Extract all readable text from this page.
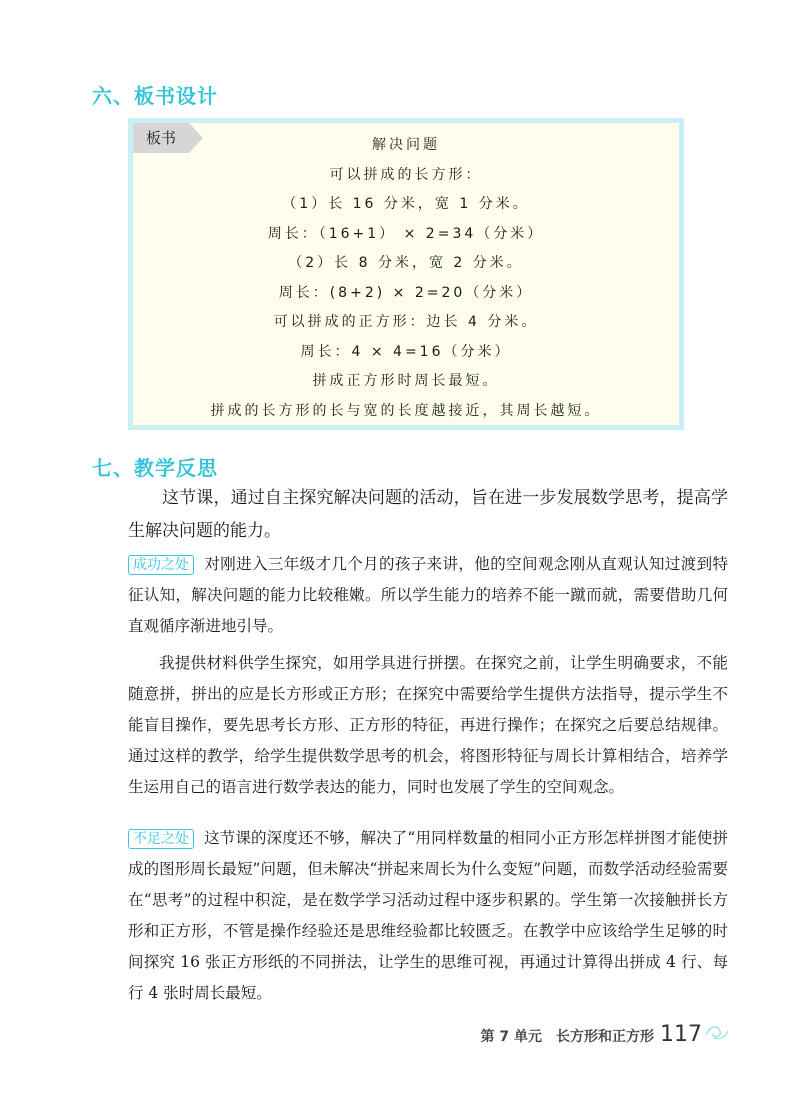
六、板书设计
板书	解决问题
可以拼成的长方形：
（1）长 16 分米，宽 1 分米。
周长：（16+1） × 2=34（分米）
（2）长 8 分米，宽 2 分米。
周长：(8+2) × 2=20（分米）
可以拼成的正方形：边长 4 分米。
周长：4 × 4=16（分米）
拼成正方形时周长最短。
拼成的长方形的长与宽的长度越接近，其周长越短。
七、教学反思
这节课，通过自主探究解决问题的活动，旨在进一步发展数学思考，提高学生解决问题的能力。
成功之处 对刚进入三年级才几个月的孩子来讲，他的空间观念刚从直观认知过渡到特征认知，解决问题的能力比较稚嫩。所以学生能力的培养不能一蹴而就，需要借助几何直观循序渐进地引导。
我提供材料供学生探究，如用学具进行拼摆。在探究之前，让学生明确要求，不能随意拼，拼出的应是长方形或正方形；在探究中需要给学生提供方法指导，提示学生不能盲目操作，要先思考长方形、正方形的特征，再进行操作；在探究之后要总结规律。通过这样的教学，给学生提供数学思考的机会，将图形特征与周长计算相结合，培养学生运用自己的语言进行数学表达的能力，同时也发展了学生的空间观念。
不足之处 这节课的深度还不够，解决了“用同样数量的相同小正方形怎样拼图才能使拼成的图形周长最短”问题，但未解决“拼起来周长为什么变短”问题，而数学活动经验需要在“思考”的过程中积淀，是在数学学习活动过程中逐步积累的。学生第一次接触拼长方形和正方形，不管是操作经验还是思维经验都比较匮乏。在教学中应该给学生足够的时间探究 16 张正方形纸的不同拼法，让学生的思维可视，再通过计算得出拼成 4 行、每行 4 张时周长最短。
第 7 单元 长方形和正方形 117
